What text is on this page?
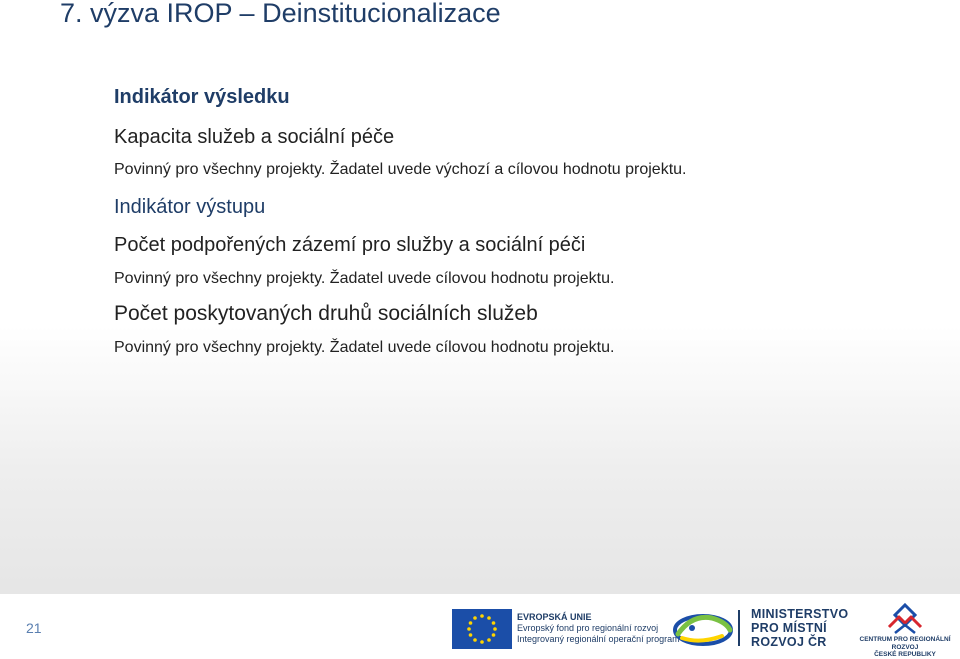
7. výzva IROP – Deinstitucionalizace
Indikátor výsledku
Kapacita služeb a sociální péče
Povinný pro všechny projekty. Žadatel uvede výchozí a cílovou hodnotu projektu.
Indikátor výstupu
Počet podpořených zázemí pro služby a sociální péči
Povinný pro všechny projekty. Žadatel uvede cílovou hodnotu projektu.
Počet poskytovaných druhů sociálních služeb
Povinný pro všechny projekty. Žadatel uvede cílovou hodnotu projektu.
21
EVROPSKÁ UNIE
Evropský fond pro regionální rozvoj
Integrovaný regionální operační program
MINISTERSTVO
PRO MÍSTNÍ
ROZVOJ ČR	CENTRUM PRO REGIONÁLNÍ ROZVOJ
ČESKÉ REPUBLIKY
